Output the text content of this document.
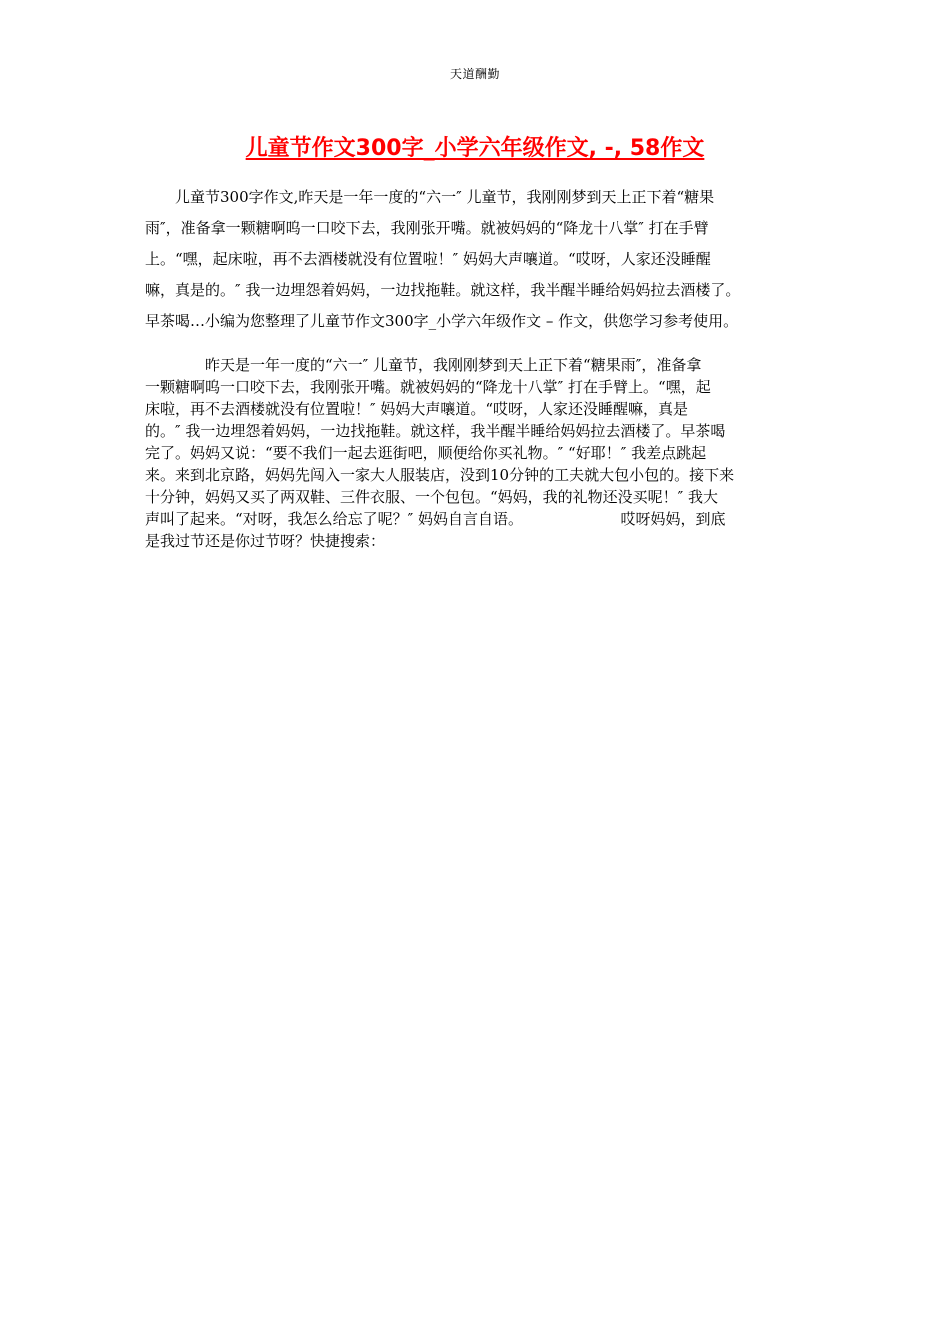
天道酬勤
儿童节作文300字_小学六年级作文, -, 58作文
　　儿童节300字作文,昨天是一年一度的“六一″ 儿童节，我刚刚梦到天上正下着“糖果
雨″，准备拿一颗糖啊呜一口咬下去，我刚张开嘴。就被妈妈的“降龙十八掌″ 打在手臂
上。“嘿，起床啦，再不去酒楼就没有位置啦！″ 妈妈大声嚷道。“哎呀，人家还没睡醒
嘛，真是的。″ 我一边埋怨着妈妈，一边找拖鞋。就这样，我半醒半睡给妈妈拉去酒楼了。
早茶喝…小编为您整理了儿童节作文300字_小学六年级作文 – 作文，供您学习参考使用。
　　　　昨天是一年一度的“六一″ 儿童节，我刚刚梦到天上正下着“糖果雨″，准备拿
一颗糖啊呜一口咬下去，我刚张开嘴。就被妈妈的“降龙十八掌″ 打在手臂上。“嘿，起
床啦，再不去酒楼就没有位置啦！″ 妈妈大声嚷道。“哎呀，人家还没睡醒嘛，真是
的。″ 我一边埋怨着妈妈，一边找拖鞋。就这样，我半醒半睡给妈妈拉去酒楼了。早茶喝
完了。妈妈又说：“要不我们一起去逛街吧，顺便给你买礼物。″ “好耶！″ 我差点跳起
来。来到北京路，妈妈先闯入一家大人服装店，没到10分钟的工夫就大包小包的。接下来
十分钟，妈妈又买了两双鞋、三件衣服、一个包包。“妈妈，我的礼物还没买呢！″ 我大
声叫了起来。“对呀，我怎么给忘了呢？″ 妈妈自言自语。　　　　　　　哎呀妈妈，到底
是我过节还是你过节呀？快捷搜索：
